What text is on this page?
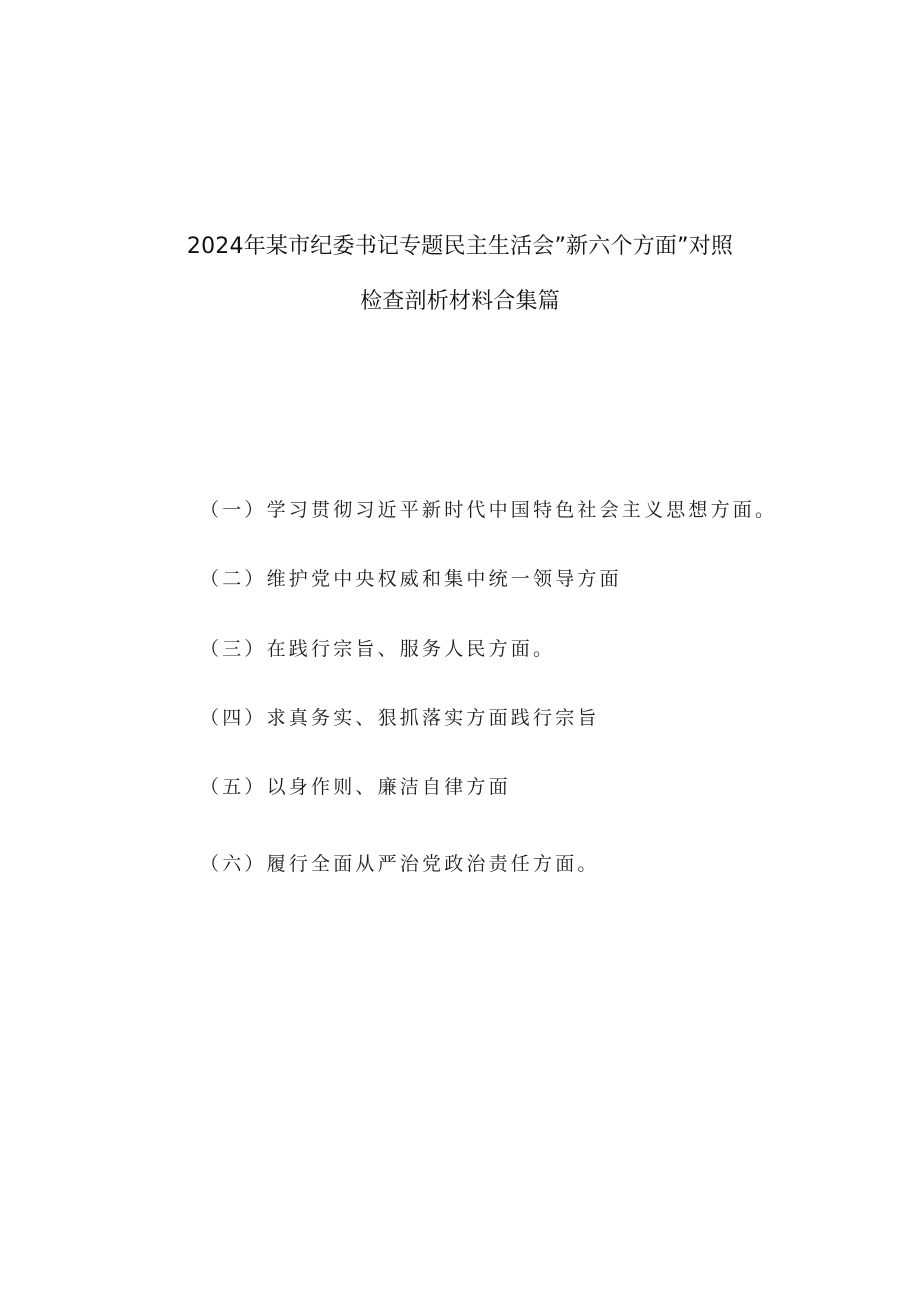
2024年某市纪委书记专题民主生活会”新六个方面”对照
检查剖析材料合集篇
（一）学习贯彻习近平新时代中国特色社会主义思想方面。
（二）维护党中央权威和集中统一领导方面
（三）在践行宗旨、服务人民方面。
（四）求真务实、狠抓落实方面践行宗旨
（五）以身作则、廉洁自律方面
（六）履行全面从严治党政治责任方面。
